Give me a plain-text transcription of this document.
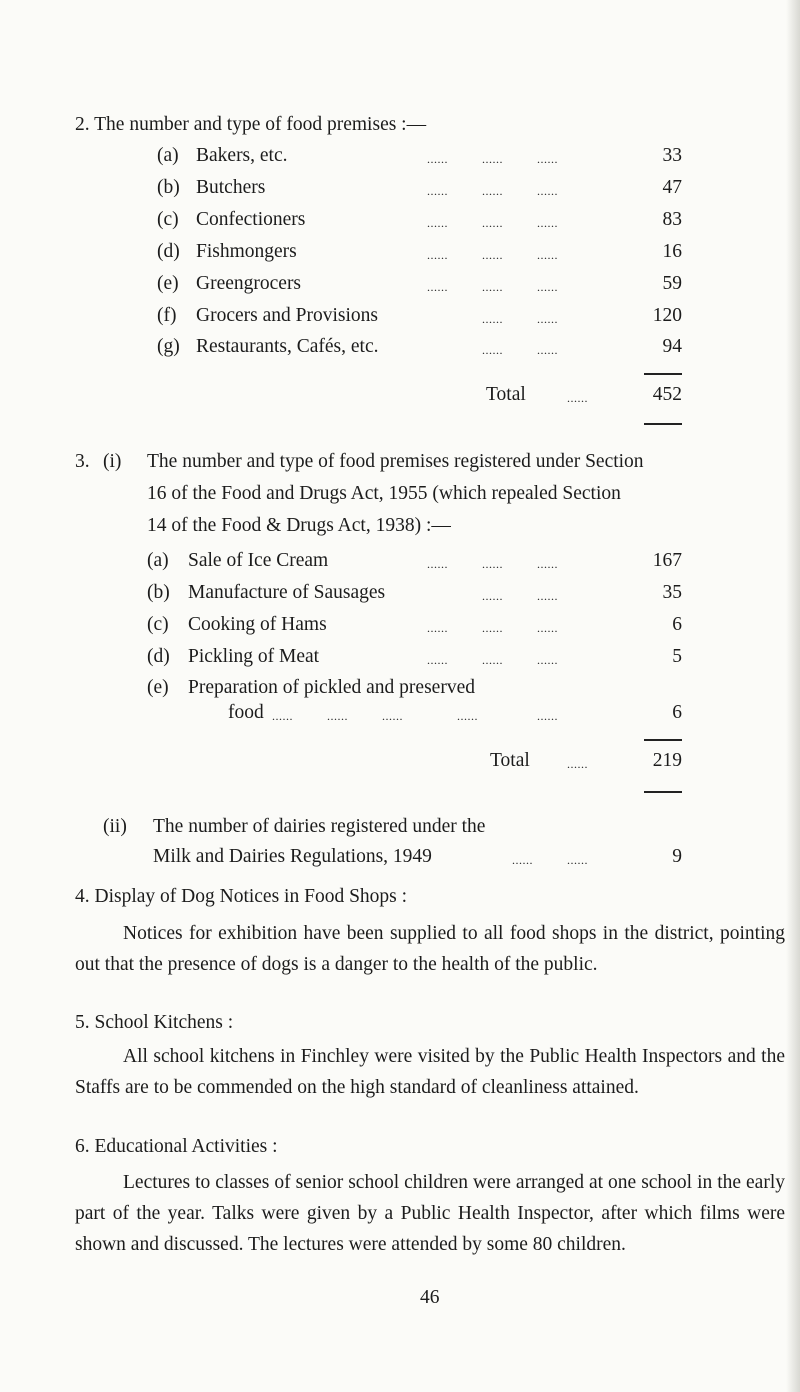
2. The number and type of food premises :—
(a) Bakers, etc.	......	......	......	33
(b) Butchers	......	......	......	47
(c) Confectioners	......	......	......	83
(d) Fishmongers	......	......	......	16
(e) Greengrocers	......	......	......	59
(f) Grocers and Provisions	......	......	120
(g) Restaurants, Cafés, etc.	......	......	94
Total	......	452
3. (i) The number and type of food premises registered under Section
16 of the Food and Drugs Act, 1955 (which repealed Section
14 of the Food & Drugs Act, 1938) :—
(a) Sale of Ice Cream	......	......	......	167
(b) Manufacture of Sausages	......	......	35
(c) Cooking of Hams	......	......	......	6
(d) Pickling of Meat	......	......	......	5
(e) Preparation of pickled and preserved
food ......	......	......	......	......	6
Total	......	219
(ii) The number of dairies registered under the
Milk and Dairies Regulations, 1949	......	......	9
4. Display of Dog Notices in Food Shops :
Notices for exhibition have been supplied to all food shops in the district, pointing out that the presence of dogs is a danger to the health of the public.
5. School Kitchens :
All school kitchens in Finchley were visited by the Public Health Inspectors and the Staffs are to be commended on the high standard of cleanliness attained.
6. Educational Activities :
Lectures to classes of senior school children were arranged at one school in the early part of the year. Talks were given by a Public Health Inspector, after which films were shown and discussed. The lectures were attended by some 80 children.
46
